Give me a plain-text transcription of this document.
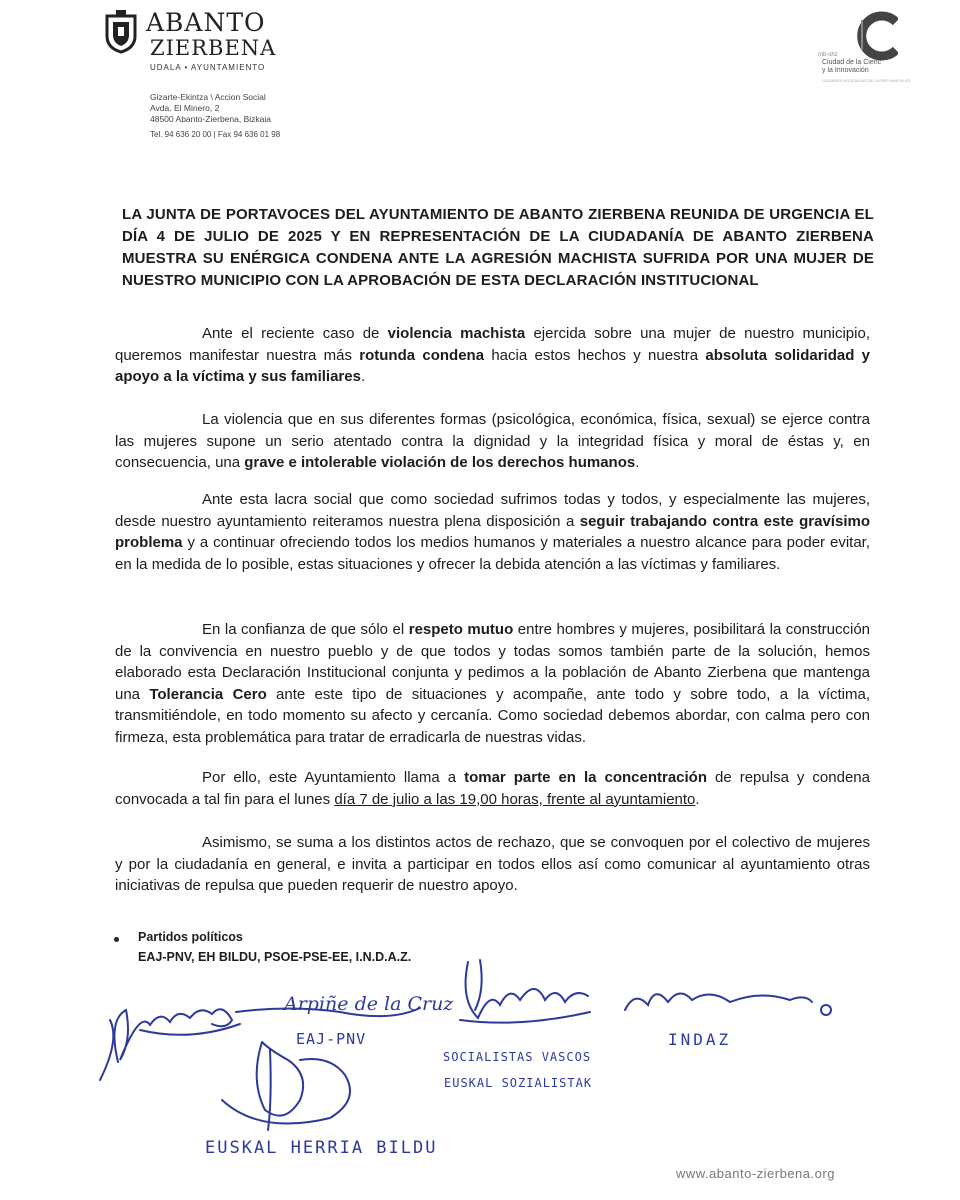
ABANTO
ZIERBENA
UDALA • AYUNTAMIENTO
Gizarte-Ekintza \ Accion Social
Avda. El Minero, 2
48500 Abanto-Zierbena, Bizkaia
Tel. 94 636 20 00 | Fax 94 636 01 98
mb-shz
Ciudad de la Cienc
y la Innovación
CIUDADES ASOCIADAS DE LA RED INNPULSO
LA JUNTA DE PORTAVOCES DEL AYUNTAMIENTO DE ABANTO ZIERBENA REUNIDA DE URGENCIA EL DÍA 4 DE JULIO DE 2025 Y EN REPRESENTACIÓN DE LA CIUDADANÍA DE ABANTO ZIERBENA MUESTRA SU ENÉRGICA CONDENA ANTE LA AGRESIÓN MACHISTA SUFRIDA POR UNA MUJER DE NUESTRO MUNICIPIO CON LA APROBACIÓN DE ESTA DECLARACIÓN INSTITUCIONAL
Ante el reciente caso de violencia machista ejercida sobre una mujer de nuestro municipio, queremos manifestar nuestra más rotunda condena hacia estos hechos y nuestra absoluta solidaridad y apoyo a la víctima y sus familiares.
La violencia que en sus diferentes formas (psicológica, económica, física, sexual) se ejerce contra las mujeres supone un serio atentado contra la dignidad y la integridad física y moral de éstas y, en consecuencia, una grave e intolerable violación de los derechos humanos.
Ante esta lacra social que como sociedad sufrimos todas y todos, y especialmente las mujeres, desde nuestro ayuntamiento reiteramos nuestra plena disposición a seguir trabajando contra este gravísimo problema y a continuar ofreciendo todos los medios humanos y materiales a nuestro alcance para poder evitar, en la medida de lo posible, estas situaciones y ofrecer la debida atención a las víctimas y familiares.
En la confianza de que sólo el respeto mutuo entre hombres y mujeres, posibilitará la construcción de la convivencia en nuestro pueblo y de que todos y todas somos también parte de la solución, hemos elaborado esta Declaración Institucional conjunta y pedimos a la población de Abanto Zierbena que mantenga una Tolerancia Cero ante este tipo de situaciones y acompañe, ante todo y sobre todo, a la víctima, transmitiéndole, en todo momento su afecto y cercanía. Como sociedad debemos abordar, con calma pero con firmeza, esta problemática para tratar de erradicarla de nuestras vidas.
Por ello, este Ayuntamiento llama a tomar parte en la concentración de repulsa y condena convocada a tal fin para el lunes día 7 de julio a las 19,00 horas, frente al ayuntamiento.
Asimismo, se suma a los distintos actos de rechazo, que se convoquen por el colectivo de mujeres y por la ciudadanía en general, e invita a participar en todos ellos así como comunicar al ayuntamiento otras iniciativas de repulsa que pueden requerir de nuestro apoyo.
Partidos políticos
EAJ-PNV, EH BILDU, PSOE-PSE-EE, I.N.D.A.Z.
Arpiñe de la Cruz
EAJ-PNV
SOCIALISTAS VASCOS
EUSKAL SOZIALISTAK
INDAZ
EUSKAL HERRIA BILDU
www.abanto-zierbena.org
